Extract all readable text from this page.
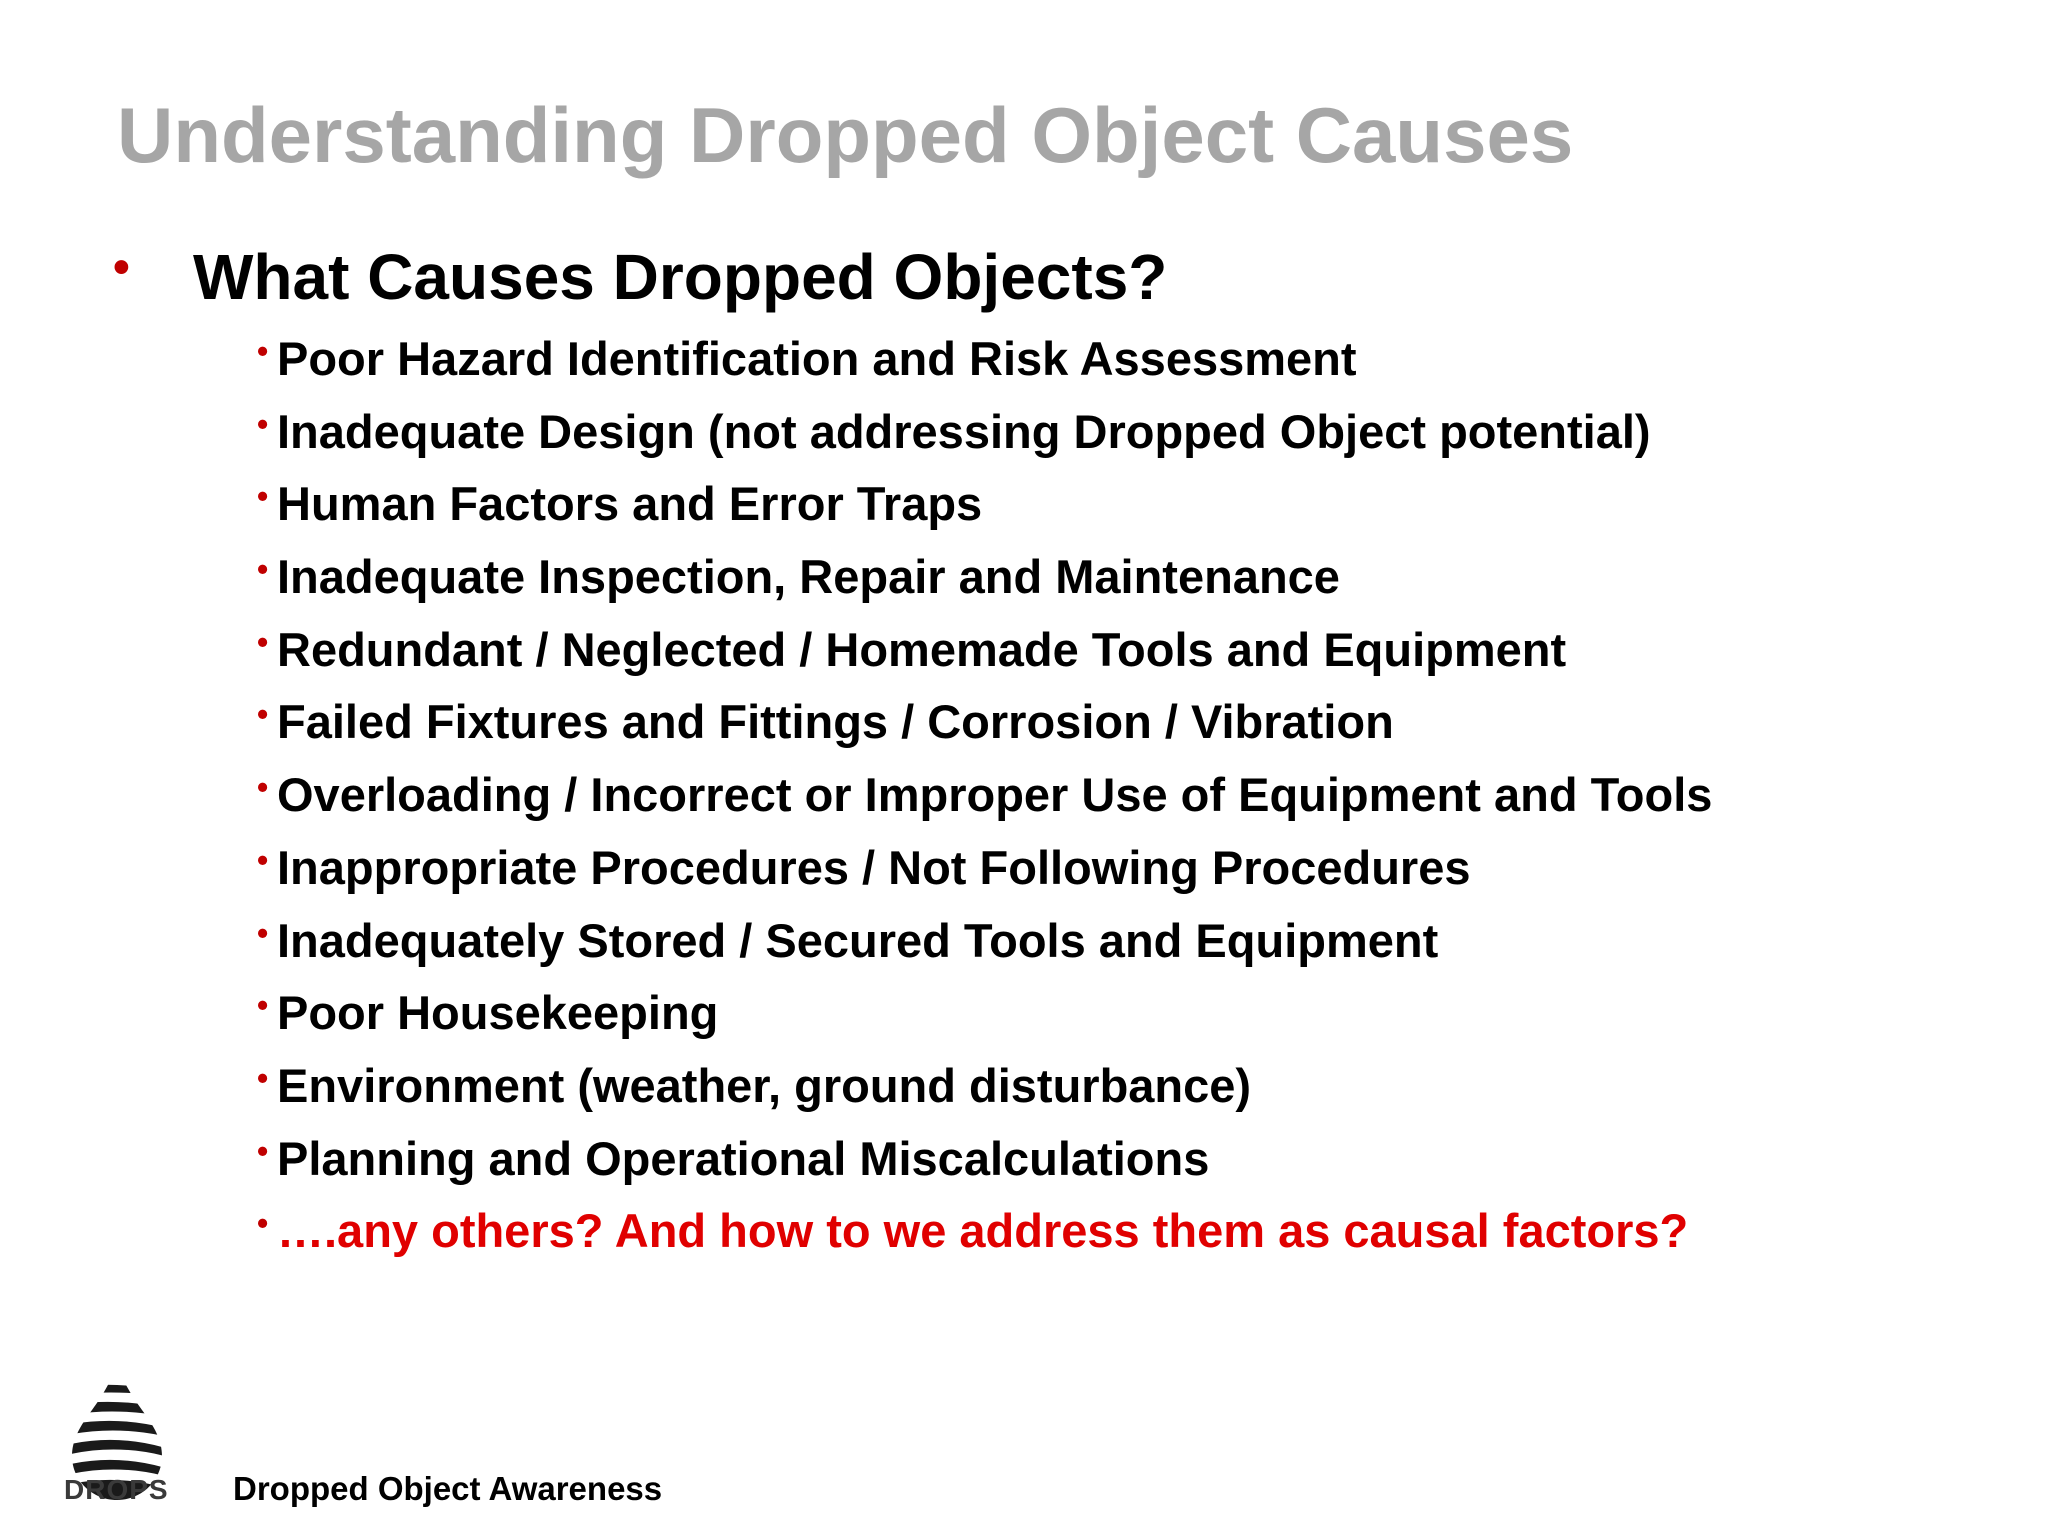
Understanding Dropped Object Causes
• What Causes Dropped Objects?
• Poor Hazard Identification and Risk Assessment
• Inadequate Design (not addressing Dropped Object potential)
• Human Factors and Error Traps
• Inadequate Inspection, Repair and Maintenance
• Redundant / Neglected / Homemade Tools and Equipment
• Failed Fixtures and Fittings / Corrosion / Vibration
• Overloading / Incorrect or Improper Use of Equipment and Tools
• Inappropriate Procedures / Not Following Procedures
• Inadequately Stored / Secured Tools and Equipment
• Poor Housekeeping
• Environment (weather, ground disturbance)
• Planning and Operational Miscalculations
• ….any others? And how to we address them as causal factors?
DROPS Dropped Object Awareness
